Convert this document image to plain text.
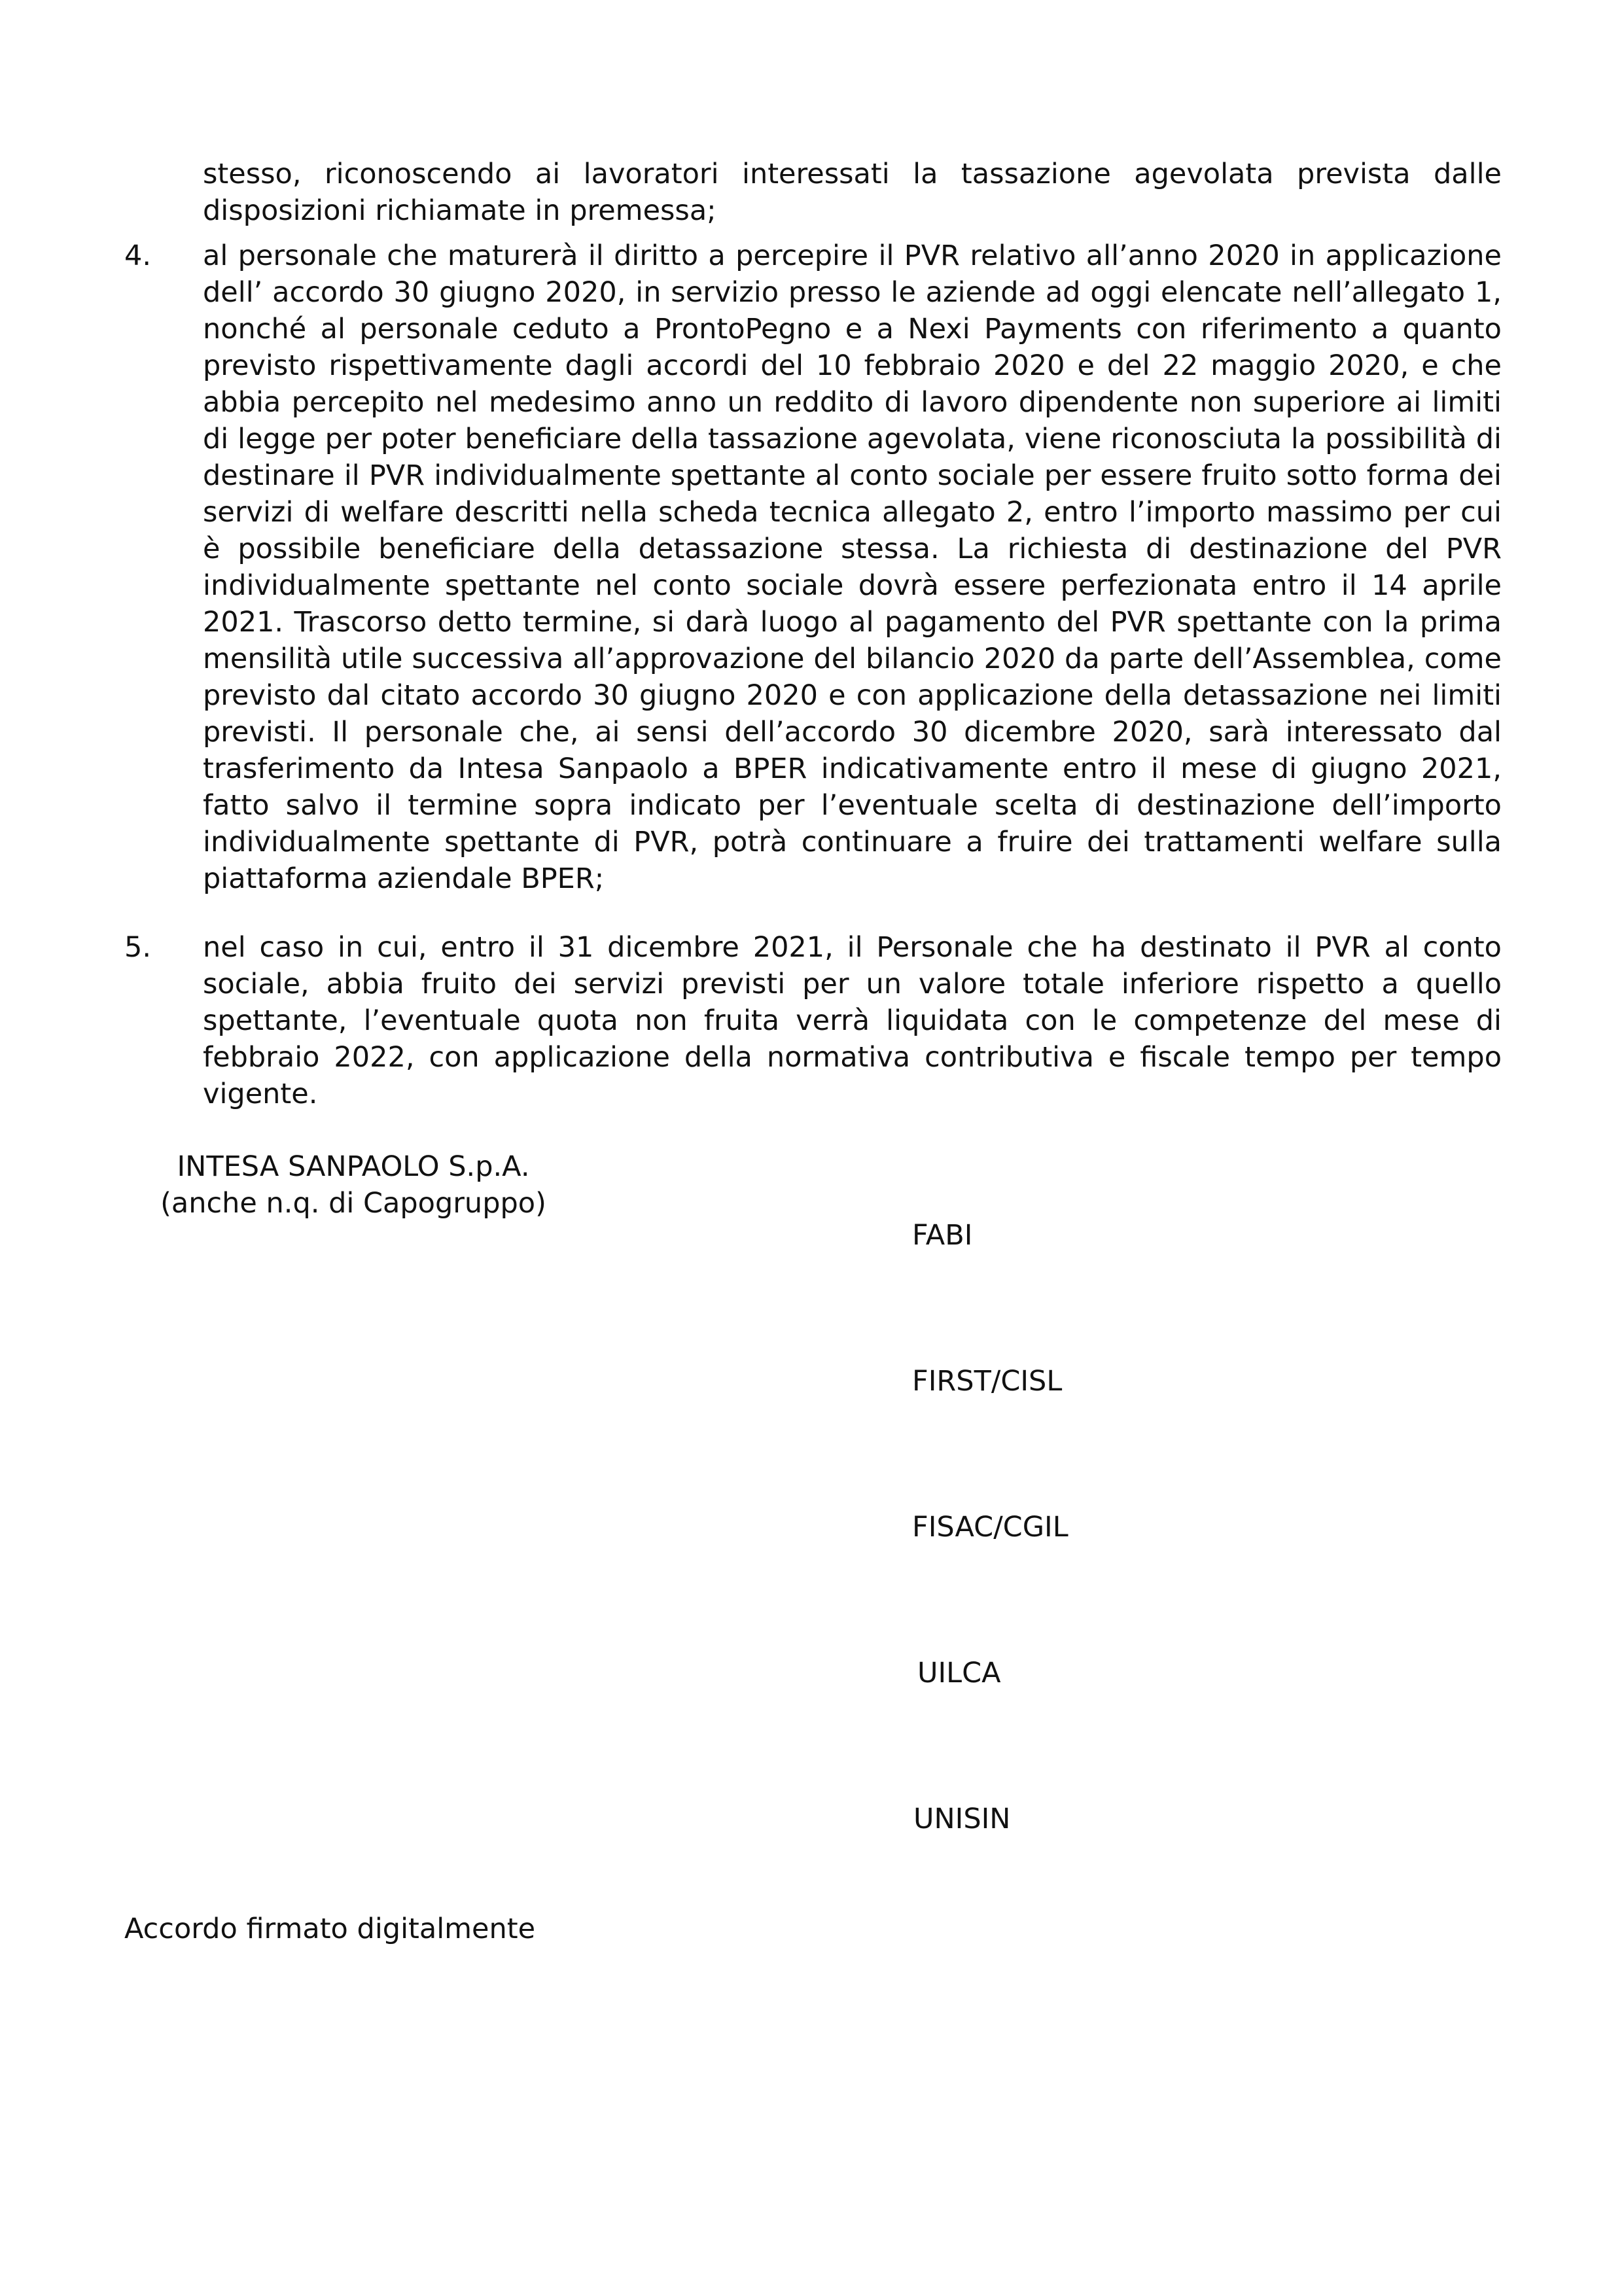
stesso, riconoscendo ai lavoratori interessati la tassazione agevolata prevista dalle disposizioni richiamate in premessa;

4. al personale che maturerà il diritto a percepire il PVR relativo all’anno 2020 in applicazione dell’ accordo 30 giugno 2020, in servizio presso le aziende ad oggi elencate nell’allegato 1, nonché al personale ceduto a ProntoPegno e a Nexi Payments con riferimento a quanto previsto rispettivamente dagli accordi del 10 febbraio 2020 e del 22 maggio 2020, e che abbia percepito nel medesimo anno un reddito di lavoro dipendente non superiore ai limiti di legge per poter beneficiare della tassazione agevolata, viene riconosciuta la possibilità di destinare il PVR individualmente spettante al conto sociale per essere fruito sotto forma dei servizi di welfare descritti nella scheda tecnica allegato 2, entro l’importo massimo per cui è possibile beneficiare della detassazione stessa. La richiesta di destinazione del PVR individualmente spettante nel conto sociale dovrà essere perfezionata entro il 14 aprile 2021. Trascorso detto termine, si darà luogo al pagamento del PVR spettante con la prima mensilità utile successiva all’approvazione del bilancio 2020 da parte dell’Assemblea, come previsto dal citato accordo 30 giugno 2020 e con applicazione della detassazione nei limiti previsti. Il personale che, ai sensi dell’accordo 30 dicembre 2020, sarà interessato dal trasferimento da Intesa Sanpaolo a BPER indicativamente entro il mese di giugno 2021, fatto salvo il termine sopra indicato per l’eventuale scelta di destinazione dell’importo individualmente spettante di PVR, potrà continuare a fruire dei trattamenti welfare sulla piattaforma aziendale BPER;

5. nel caso in cui, entro il 31 dicembre 2021, il Personale che ha destinato il PVR al conto sociale, abbia fruito dei servizi previsti per un valore totale inferiore rispetto a quello spettante, l’eventuale quota non fruita verrà liquidata con le competenze del mese di febbraio 2022, con applicazione della normativa contributiva e fiscale tempo per tempo vigente.

INTESA SANPAOLO S.p.A.
(anche n.q. di Capogruppo)
FABI
FIRST/CISL
FISAC/CGIL
UILCA
UNISIN
Accordo firmato digitalmente
